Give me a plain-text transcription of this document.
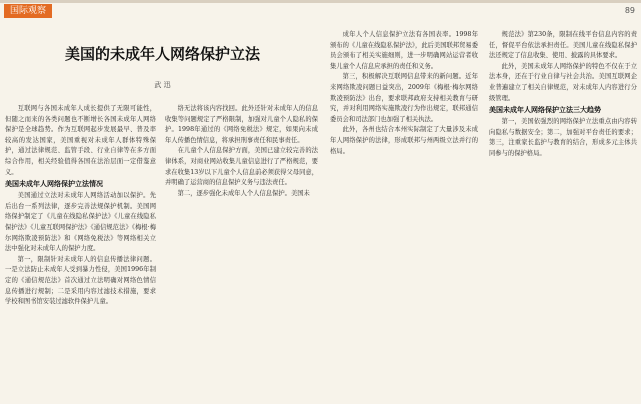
国际观察	89
美国的未成年人网络保护立法
武 迅

互联网与各国未成年人成长提供了无限可能性，但随之而来的各类问题也不断增长各国未成年人网络保护是全球趋势。作为互联网起步发展最早、普及率较高的发达国家，美国重视对未成年人群体特殊保护，通过法律规范、监管手段、行业自律等在多方面综合作用，相关经验值得各国在法治层面一定借鉴意义。

美国未成年人网络保护立法情况

美国通过立法对未成年人网络活动加以保护。先后出台一系列法律，逐步完善法规保护机制。美国网络保护制定了《儿童在线隐私保护法》《儿童在线隐私保护法》《儿童互联网保护法》《通信规范法》《梅根·梅尔网络欺凌预防法》和《网络免税法》等网络相关立法中强化对未成年人的保护力度。

第一，限制针对未成年人的信息传播法律问题。一是立法防止未成年人受到暴力性侵，美国1996年制定的《通信规范法》首次通过立法明确对网络色情信息传播进行规制；二是采用内容过滤技术措施，要求学校和图书馆安装过滤软件保护儿童。

络无法将该内容找回。此外还针对未成年人的信息收集等问题规定了严格限制，加强对儿童个人隐私的保护。1998年通过的《网络免税法》规定，如果向未成年人传播色情信息，将承担刑事责任和民事责任。

在儿童个人信息保护方面，美国已建立较完善的法律体系，对商业网站收集儿童信息进行了严格规范，要求在收集13岁以下儿童个人信息前必须获得父母同意，并明确了运营商的信息保护义务与违法责任。

第二，逐步强化未成年人个人信息保护。美国未

成年人个人信息保护立法有各国表率。1998年颁布的《儿童在线隐私保护法》，此后美国联邦贸易委员会颁布了相关实施细则，进一步明确网站运营者收集儿童个人信息应承担的责任和义务。

第三，积极解决互联网信息带来的新问题。近年来网络欺凌问题日益突出，2009年《梅根·梅尔网络欺凌预防法》出台，要求联邦政府支持相关教育与研究，并对利用网络实施欺凌行为作出规定，联邦通信委员会和司法部门也加强了相关执法。

此外，各州也结合本州实际制定了大量涉及未成年人网络保护的法律，形成联邦与州两级立法并行的格局。

规范法》第230条，限制在线平台信息内容的责任，督促平台依法承担责任。美国儿童在线隐私保护法还规定了信息收集、使用、披露的具体要求。

此外，美国未成年人网络保护的特色不仅在于立法本身，还在于行业自律与社会共治。美国互联网企业普遍建立了相关自律规范，对未成年人内容进行分级管理。

美国未成年人网络保护立法三大趋势

第一，美国依强烈的网络保护立法重点由内容转向隐私与数据安全；第二，加强对平台责任的要求；第三，注重家长监护与教育的结合，形成多元主体共同参与的保护格局。
